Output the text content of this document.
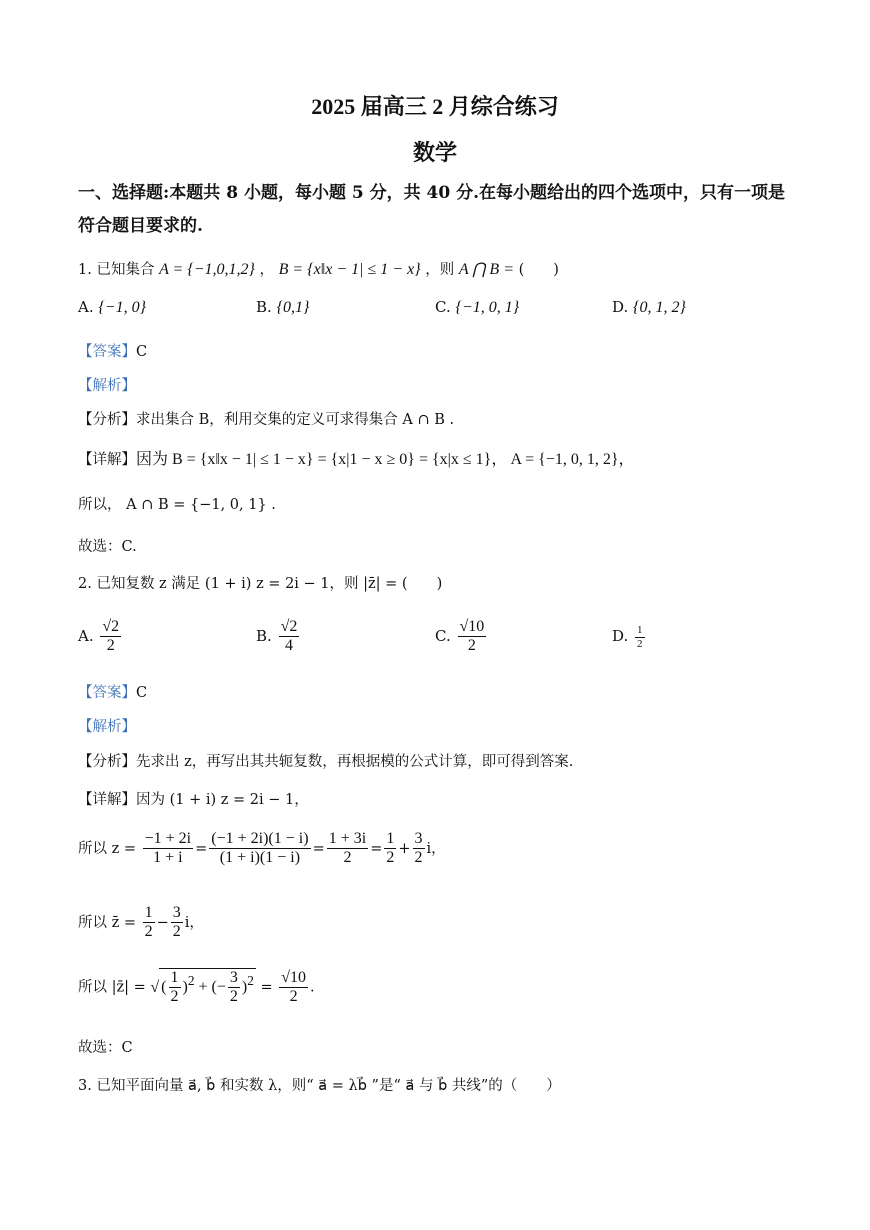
2025 届高三 2 月综合练习
数学
一、选择题:本题共 8 小题，每小题 5 分，共 40 分.在每小题给出的四个选项中，只有一项是
符合题目要求的.
1. 已知集合 A = {−1,0,1,2} ， B = {x‖x − 1| ≤ 1 − x} ，则 A ⋂ B = (　　)
A. {−1, 0}	B. {0,1}	C. {−1, 0, 1}	D. {0, 1, 2}
【答案】C
【解析】
【分析】求出集合 B，利用交集的定义可求得集合 A ∩ B .
【详解】因为 B = {x‖x − 1| ≤ 1 − x} = {x|1 − x ≥ 0} = {x|x ≤ 1}， A = {−1, 0, 1, 2}，
所以， A ∩ B = {−1, 0, 1} .
故选：C.
2. 已知复数 z 满足 (1 + i) z = 2i − 1，则 |z̄| = (　　)
A. $\frac{√2}{2}$	B. $\frac{√2}{4}$	C. $\frac{√10}{2}$	D. $\frac{1}{2}$
【答案】C
【解析】
【分析】先求出 z，再写出其共轭复数，再根据模的公式计算，即可得到答案.
【详解】因为 (1 + i) z = 2i − 1，
所以 $z = \frac{-1 + 2i}{1 + i} = \frac{(-1 + 2i)(1 - i)}{(1 + i)(1 - i)} = \frac{1 + 3i}{2} = \frac{1}{2} + \frac{3}{2}$ i，
所以 z̄ = $\frac{1}{2} - \frac{3}{2}$ i，
所以 |z̄| = √ ( $\frac{1}{2} )^2$ + (− $\frac{3}{2} )^2 = \frac{√10}{2}$ .
故选：C
3. 已知平面向量 a⃗, b⃗ 和实数 λ，则“ a⃗ = λb⃗ ”是“ a⃗ 与 b⃗ 共线”的（　　）
